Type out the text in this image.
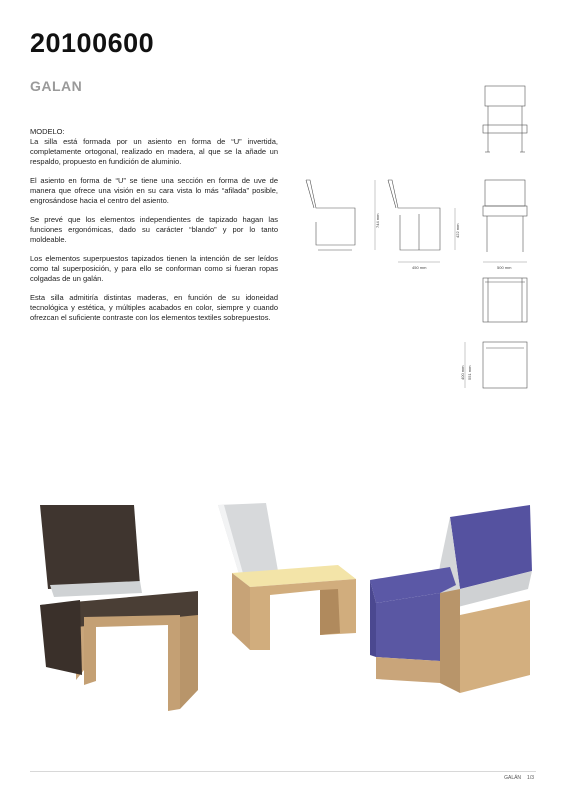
20100600
GALAN

MODELO:

La silla está formada por un asiento en forma de “U” invertida, completamente ortogonal, realizado en madera, al que se la añade un respaldo, propuesto en fundición de aluminio.

El asiento en forma de “U” se tiene una sección en forma de uve de manera que ofrece una visión en su cara vista lo más “afilada” posible, engrosándose hacia el centro del asiento.

Se prevé que los elementos independientes de tapizado hagan las funciones ergonómicas, dado su carácter “blando” y por lo tanto moldeable.

Los elementos superpuestos tapizados tienen la intención de ser leídos como tal superposición, y para ello se conforman como si fueran ropas colgadas de un galán.

Esta silla admitiría distintas maderas, en función de su idoneidad tecnológica y estética, y múltiples acabados en color, siempre y cuando ofrezcan el suficiente contraste con los elementos textiles sobrepuestos.

744 mm
422 mm
450 mm	500 mm
400 mm 551 mm
GALÁN 1/3
